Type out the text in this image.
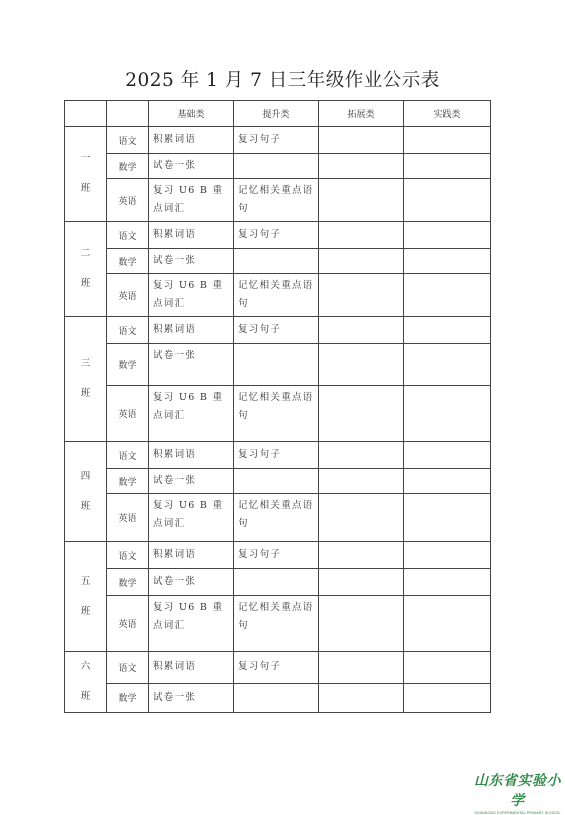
2025 年 1 月 7 日三年级作业公示表
		基础类	提升类	拓展类	实践类

一
班	语文	积累词语	复习句子		
	数学	试卷一张			
	英语	复习 U6 B 重点词汇	记忆相关重点语句		

二
班	语文	积累词语	复习句子		
	数学	试卷一张			
	英语	复习 U6 B 重点词汇	记忆相关重点语句		

三
班	语文	积累词语	复习句子		
	数学	试卷一张			
	英语	复习 U6 B 重点词汇	记忆相关重点语句		

四
班	语文	积累词语	复习句子		
	数学	试卷一张			
	英语	复习 U6 B 重点词汇	记忆相关重点语句		

五
班	语文	积累词语	复习句子		
	数学	试卷一张			
	英语	复习 U6 B 重点词汇	记忆相关重点语句		

六
班	语文	积累词语	复习句子		
	数学	试卷一张			
山东省实验小学
SHANDONG EXPERIMENTAL PRIMARY SCHOOL
